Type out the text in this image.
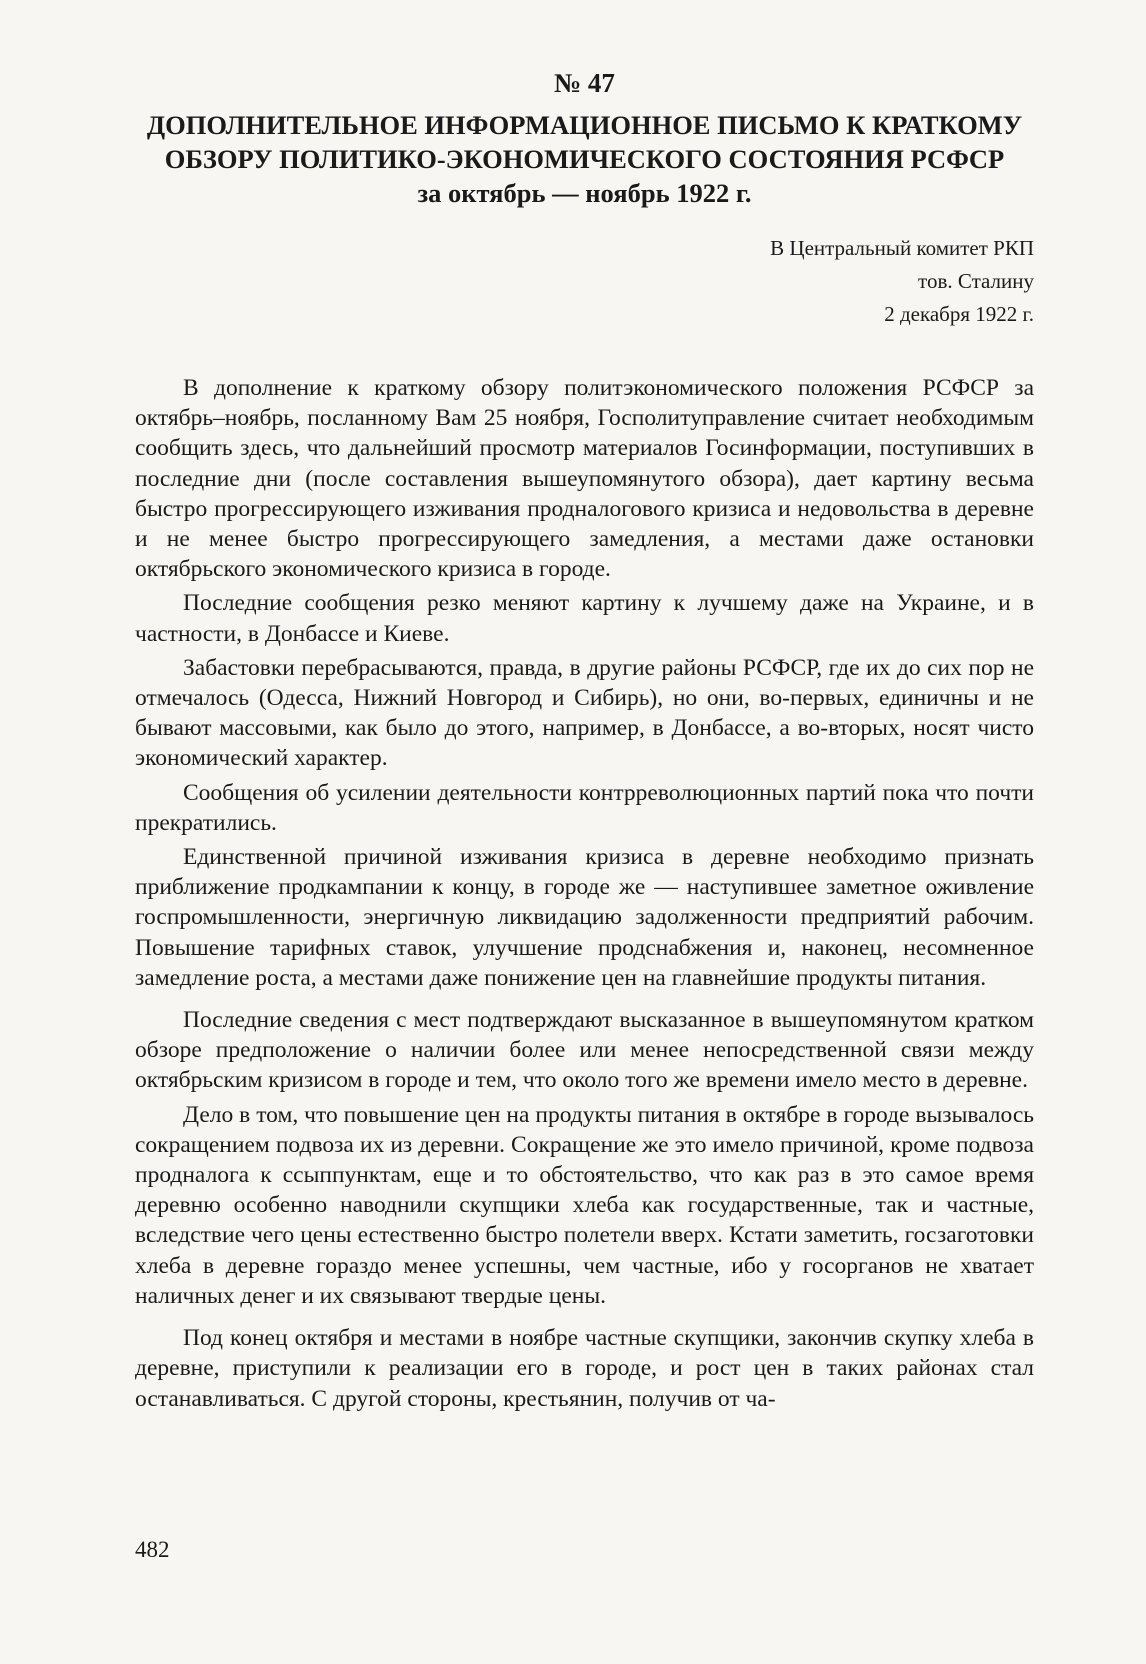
№ 47
ДОПОЛНИТЕЛЬНОЕ ИНФОРМАЦИОННОЕ ПИСЬМО К КРАТКОМУ
ОБЗОРУ ПОЛИТИКО-ЭКОНОМИЧЕСКОГО СОСТОЯНИЯ РСФСР
за октябрь — ноябрь 1922 г.
В Центральный комитет РКП
тов. Сталину
2 декабря 1922 г.

В дополнение к краткому обзору политэкономического положения РСФСР за октябрь–ноябрь, посланному Вам 25 ноября, Госполитуправление считает необходимым сообщить здесь, что дальнейший просмотр материалов Госинформации, поступивших в последние дни (после составления вышеупомянутого обзора), дает картину весьма быстро прогрессирующего изживания продналогового кризиса и недовольства в деревне и не менее быстро прогрессирующего замедления, а местами даже остановки октябрьского экономического кризиса в городе.

Последние сообщения резко меняют картину к лучшему даже на Украине, и в частности, в Донбассе и Киеве.

Забастовки перебрасываются, правда, в другие районы РСФСР, где их до сих пор не отмечалось (Одесса, Нижний Новгород и Сибирь), но они, во-первых, единичны и не бывают массовыми, как было до этого, например, в Донбассе, а во-вторых, носят чисто экономический характер.

Сообщения об усилении деятельности контрреволюционных партий пока что почти прекратились.

Единственной причиной изживания кризиса в деревне необходимо признать приближение продкампании к концу, в городе же — наступившее заметное оживление госпромышленности, энергичную ликвидацию задолженности предприятий рабочим. Повышение тарифных ставок, улучшение продснабжения и, наконец, несомненное замедление роста, а местами даже понижение цен на главнейшие продукты питания.

Последние сведения с мест подтверждают высказанное в вышеупомянутом кратком обзоре предположение о наличии более или менее непосредственной связи между октябрьским кризисом в городе и тем, что около того же времени имело место в деревне.

Дело в том, что повышение цен на продукты питания в октябре в городе вызывалось сокращением подвоза их из деревни. Сокращение же это имело причиной, кроме подвоза продналога к ссыппунктам, еще и то обстоятельство, что как раз в это самое время деревню особенно наводнили скупщики хлеба как государственные, так и частные, вследствие чего цены естественно быстро полетели вверх. Кстати заметить, госзаготовки хлеба в деревне гораздо менее успешны, чем частные, ибо у госорганов не хватает наличных денег и их связывают твердые цены.

Под конец октября и местами в ноябре частные скупщики, закончив скупку хлеба в деревне, приступили к реализации его в городе, и рост цен в таких районах стал останавливаться. С другой стороны, крестьянин, получив от ча-

482
